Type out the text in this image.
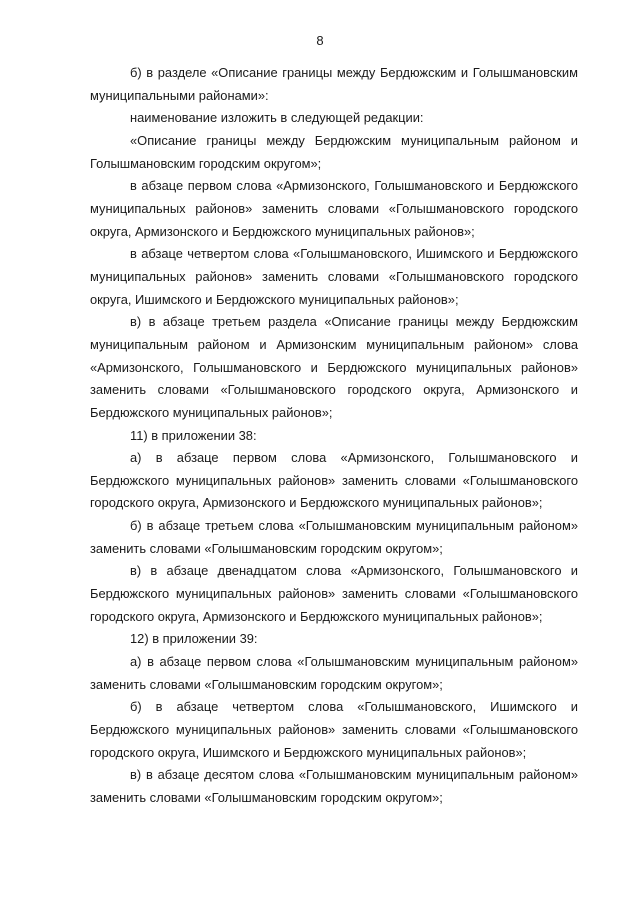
8

б) в разделе «Описание границы между Бердюжским и Голышмановским муниципальными районами»:

наименование изложить в следующей редакции:

«Описание границы между Бердюжским муниципальным районом и Голышмановским городским округом»;

в абзаце первом слова «Армизонского, Голышмановского и Бердюжского муниципальных районов» заменить словами «Голышмановского городского округа, Армизонского и Бердюжского муниципальных районов»;

в абзаце четвертом слова «Голышмановского, Ишимского и Бердюжского муниципальных районов» заменить словами «Голышмановского городского округа, Ишимского и Бердюжского муниципальных районов»;

в) в абзаце третьем раздела «Описание границы между Бердюжским муниципальным районом и Армизонским муниципальным районом» слова «Армизонского, Голышмановского и Бердюжского муниципальных районов» заменить словами «Голышмановского городского округа, Армизонского и Бердюжского муниципальных районов»;

11) в приложении 38:

а) в абзаце первом слова «Армизонского, Голышмановского и Бердюжского муниципальных районов» заменить словами «Голышмановского городского округа, Армизонского и Бердюжского муниципальных районов»;

б) в абзаце третьем слова «Голышмановским муниципальным районом» заменить словами «Голышмановским городским округом»;

в) в абзаце двенадцатом слова «Армизонского, Голышмановского и Бердюжского муниципальных районов» заменить словами «Голышмановского городского округа, Армизонского и Бердюжского муниципальных районов»;

12) в приложении 39:

а) в абзаце первом слова «Голышмановским муниципальным районом» заменить словами «Голышмановским городским округом»;

б) в абзаце четвертом слова «Голышмановского, Ишимского и Бердюжского муниципальных районов» заменить словами «Голышмановского городского округа, Ишимского и Бердюжского муниципальных районов»;

в) в абзаце десятом слова «Голышмановским муниципальным районом» заменить словами «Голышмановским городским округом»;
